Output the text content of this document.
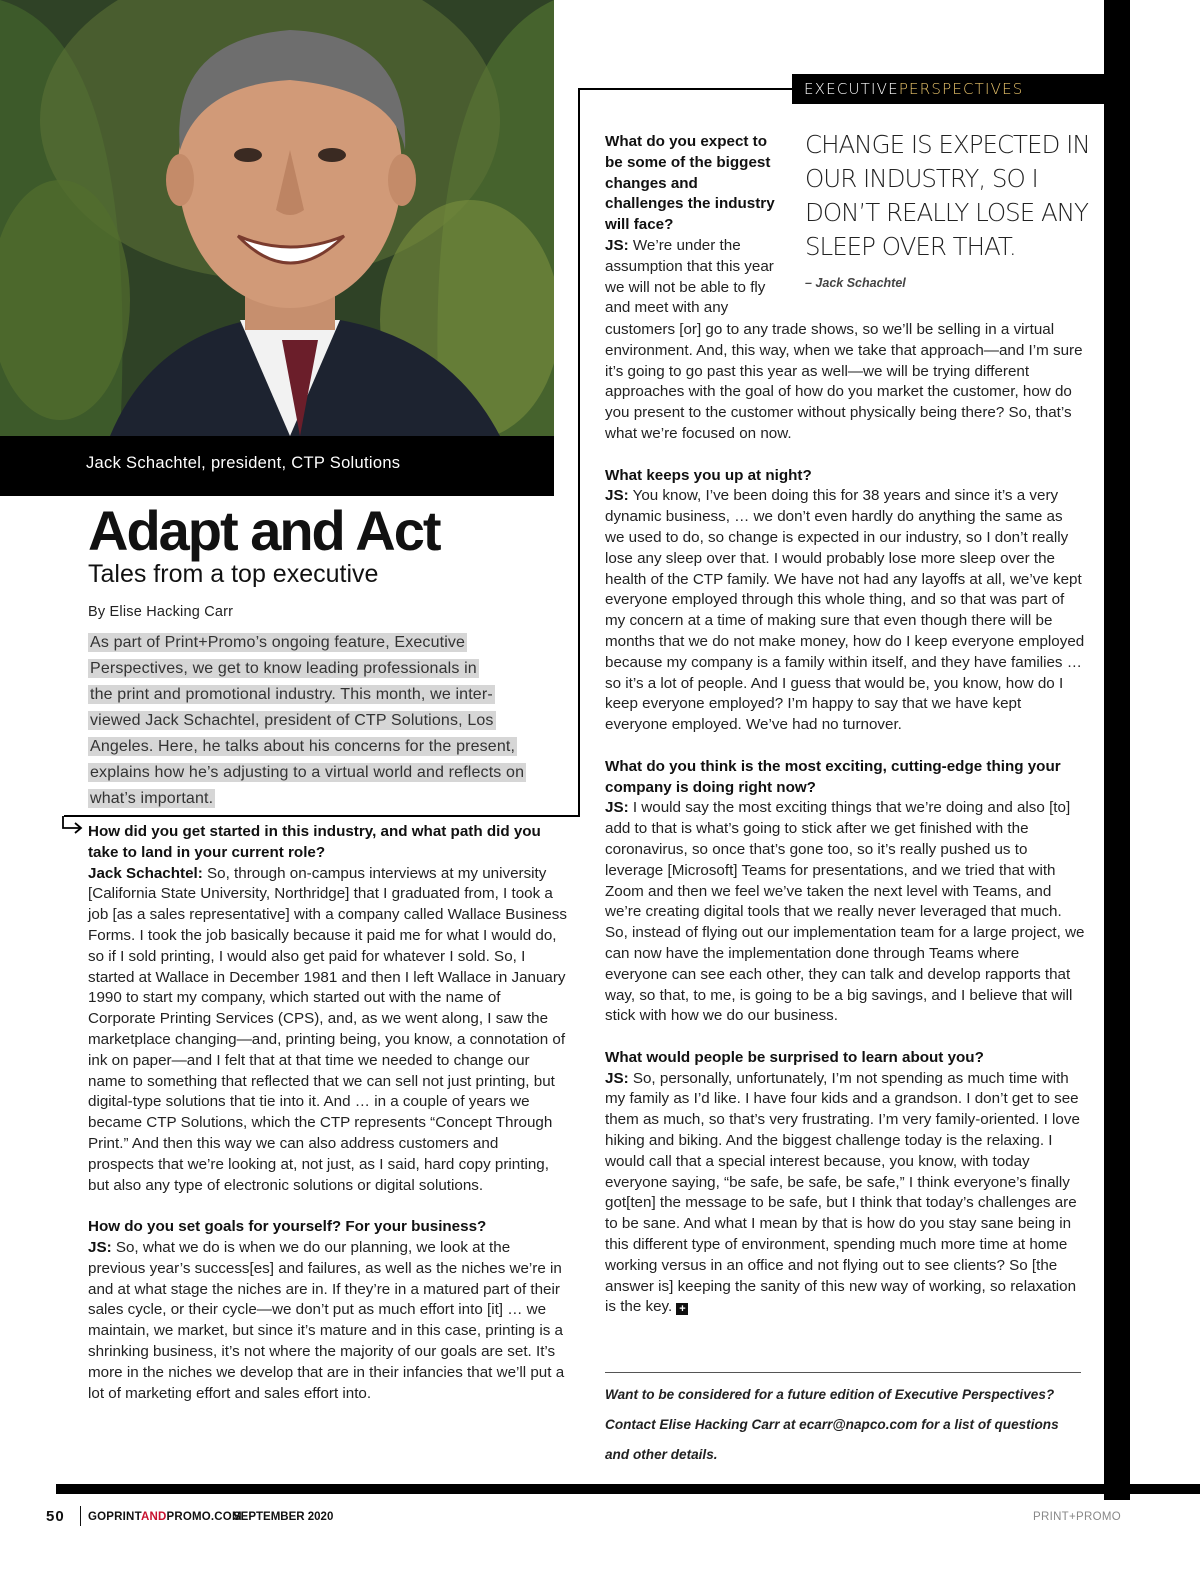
Jack Schachtel, president, CTP Solutions
EXECUTIVEPERSPECTIVES
Adapt and Act
Tales from a top executive
By Elise Hacking Carr
As part of Print+Promo’s ongoing feature, Executive
Perspectives, we get to know leading professionals in
the print and promotional industry. This month, we inter-
viewed Jack Schachtel, president of CTP Solutions, Los
Angeles. Here, he talks about his concerns for the present,
explains how he’s adjusting to a virtual world and reflects on
what’s important.

How did you get started in this industry, and what path did you take to land in your current role?
Jack Schachtel: So, through on-campus interviews at my university [California State University, Northridge] that I graduated from, I took a job [as a sales representative] with a company called Wallace Business Forms. I took the job basically because it paid me for what I would do, so if I sold printing, I would also get paid for whatever I sold. So, I started at Wallace in December 1981 and then I left Wallace in January 1990 to start my company, which started out with the name of Corporate Printing Services (CPS), and, as we went along, I saw the marketplace changing—and, printing being, you know, a connotation of ink on paper—and I felt that at that time we needed to change our name to something that reflected that we can sell not just printing, but digital-type solutions that tie into it. And … in a couple of years we became CTP Solutions, which the CTP represents “Concept Through Print.” And then this way we can also address customers and prospects that we’re looking at, not just, as I said, hard copy printing, but also any type of electronic solutions or digital solutions.

How do you set goals for yourself? For your business?
JS: So, what we do is when we do our planning, we look at the previous year’s success[es] and failures, as well as the niches we’re in and at what stage the niches are in. If they’re in a matured part of their sales cycle, or their cycle—we don’t put as much effort into [it] … we maintain, we market, but since it’s mature and in this case, printing is a shrinking business, it’s not where the majority of our goals are set. It’s more in the niches we develop that are in their infancies that we’ll put a lot of marketing effort and sales effort into.

What do you expect to be some of the biggest changes and challenges the industry will face?
JS: We’re under the assumption that this year we will not be able to fly and meet with any
CHANGE IS EXPECTED IN OUR INDUSTRY, SO I DON’T REALLY LOSE ANY SLEEP OVER THAT.
– Jack Schachtel

customers [or] go to any trade shows, so we’ll be selling in a virtual environment. And, this way, when we take that approach—and I’m sure it’s going to go past this year as well—we will be trying different approaches with the goal of how do you market the customer, how do you present to the customer without physically being there? So, that’s what we’re focused on now.

What keeps you up at night?
JS: You know, I’ve been doing this for 38 years and since it’s a very dynamic business, … we don’t even hardly do anything the same as we used to do, so change is expected in our industry, so I don’t really lose any sleep over that. I would probably lose more sleep over the health of the CTP family. We have not had any layoffs at all, we’ve kept everyone employed through this whole thing, and so that was part of my concern at a time of making sure that even though there will be months that we do not make money, how do I keep everyone employed because my company is a family within itself, and they have families … so it’s a lot of people. And I guess that would be, you know, how do I keep everyone employed? I’m happy to say that we have kept everyone employed. We’ve had no turnover.

What do you think is the most exciting, cutting-edge thing your company is doing right now?
JS: I would say the most exciting things that we’re doing and also [to] add to that is what’s going to stick after we get finished with the coronavirus, so once that’s gone too, so it’s really pushed us to leverage [Microsoft] Teams for presentations, and we tried that with Zoom and then we feel we’ve taken the next level with Teams, and we’re creating digital tools that we really never leveraged that much. So, instead of flying out our implementation team for a large project, we can now have the implementation done through Teams where everyone can see each other, they can talk and develop rapports that way, so that, to me, is going to be a big savings, and I believe that will stick with how we do our business.

What would people be surprised to learn about you?
JS: So, personally, unfortunately, I’m not spending as much time with my family as I’d like. I have four kids and a grandson. I don’t get to see them as much, so that’s very frustrating. I’m very family-oriented. I love hiking and biking. And the biggest challenge today is the relaxing. I would call that a special interest because, you know, with today everyone saying, “be safe, be safe, be safe,” I think everyone’s finally got[ten] the message to be safe, but I think that today’s challenges are to be sane. And what I mean by that is how do you stay sane being in this different type of environment, spending much more time at home working versus in an office and not flying out to see clients? So [the answer is] keeping the sanity of this new way of working, so relaxation is the key. +

Want to be considered for a future edition of Executive Perspectives? Contact Elise Hacking Carr at ecarr@napco.com for a list of questions and other details.
50 GOPRINTANDPROMO.COM
SEPTEMBER 2020	PRINT+PROMO
